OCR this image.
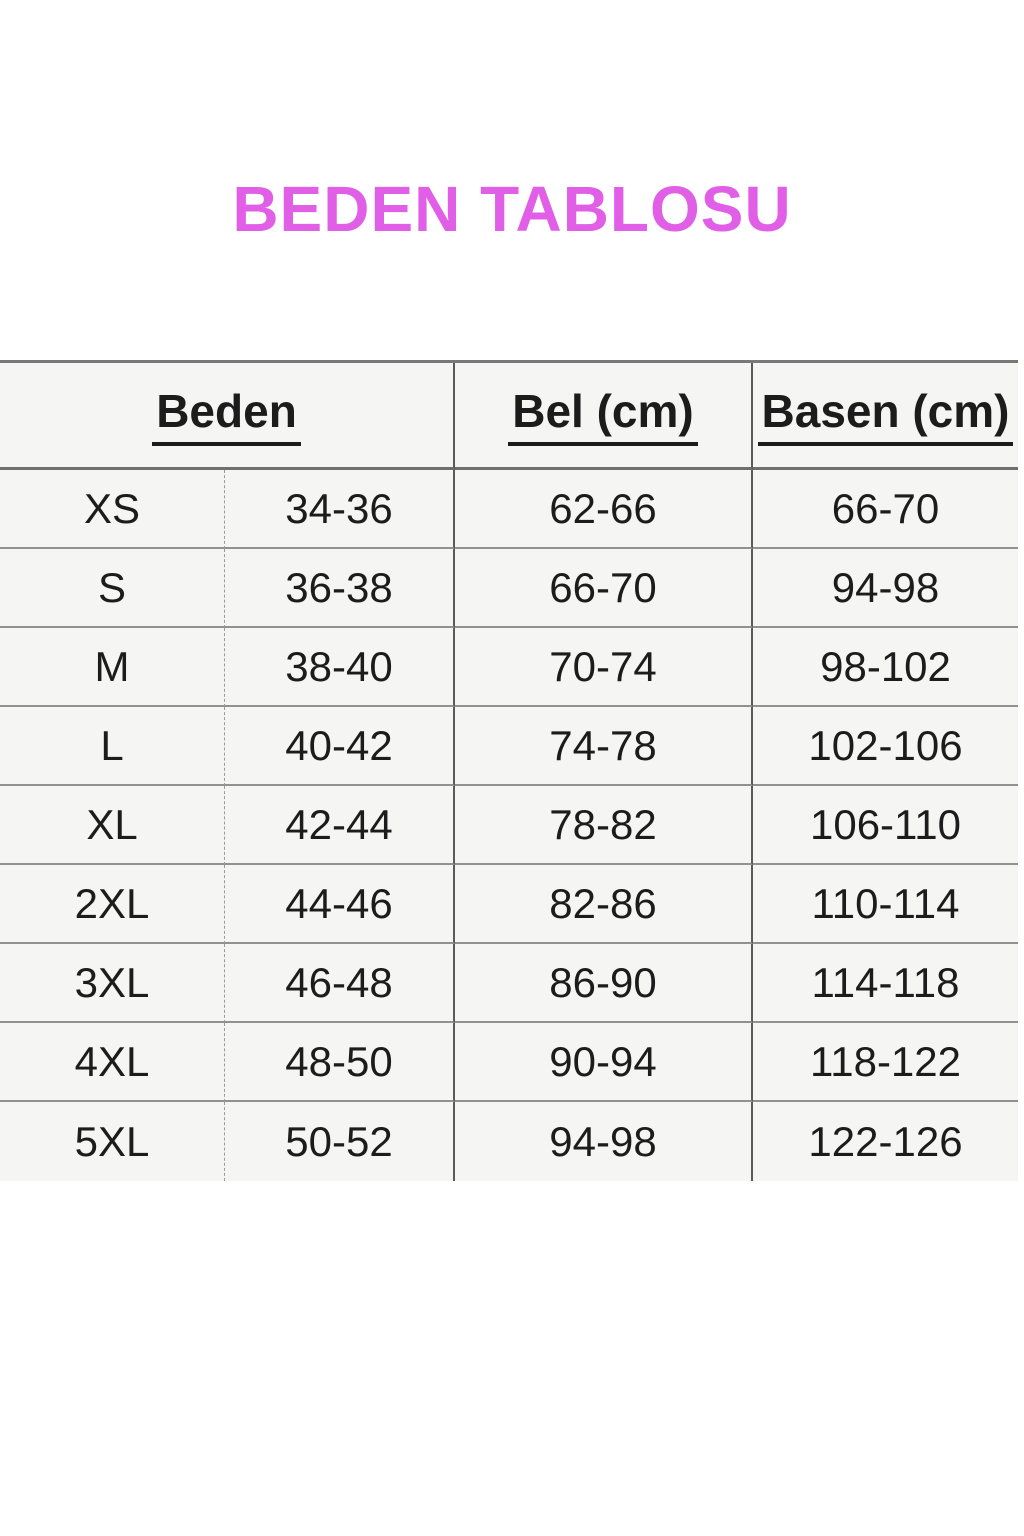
BEDEN TABLOSU
Beden	Bel (cm) Basen (cm)
XS	34-36	62-66	66-70
S	36-38	66-70	94-98
M	38-40	70-74	98-102
L	40-42	74-78	102-106
XL	42-44	78-82	106-110
2XL	44-46	82-86	110-114
3XL	46-48	86-90	114-118
4XL	48-50	90-94	118-122
5XL	50-52	94-98	122-126
